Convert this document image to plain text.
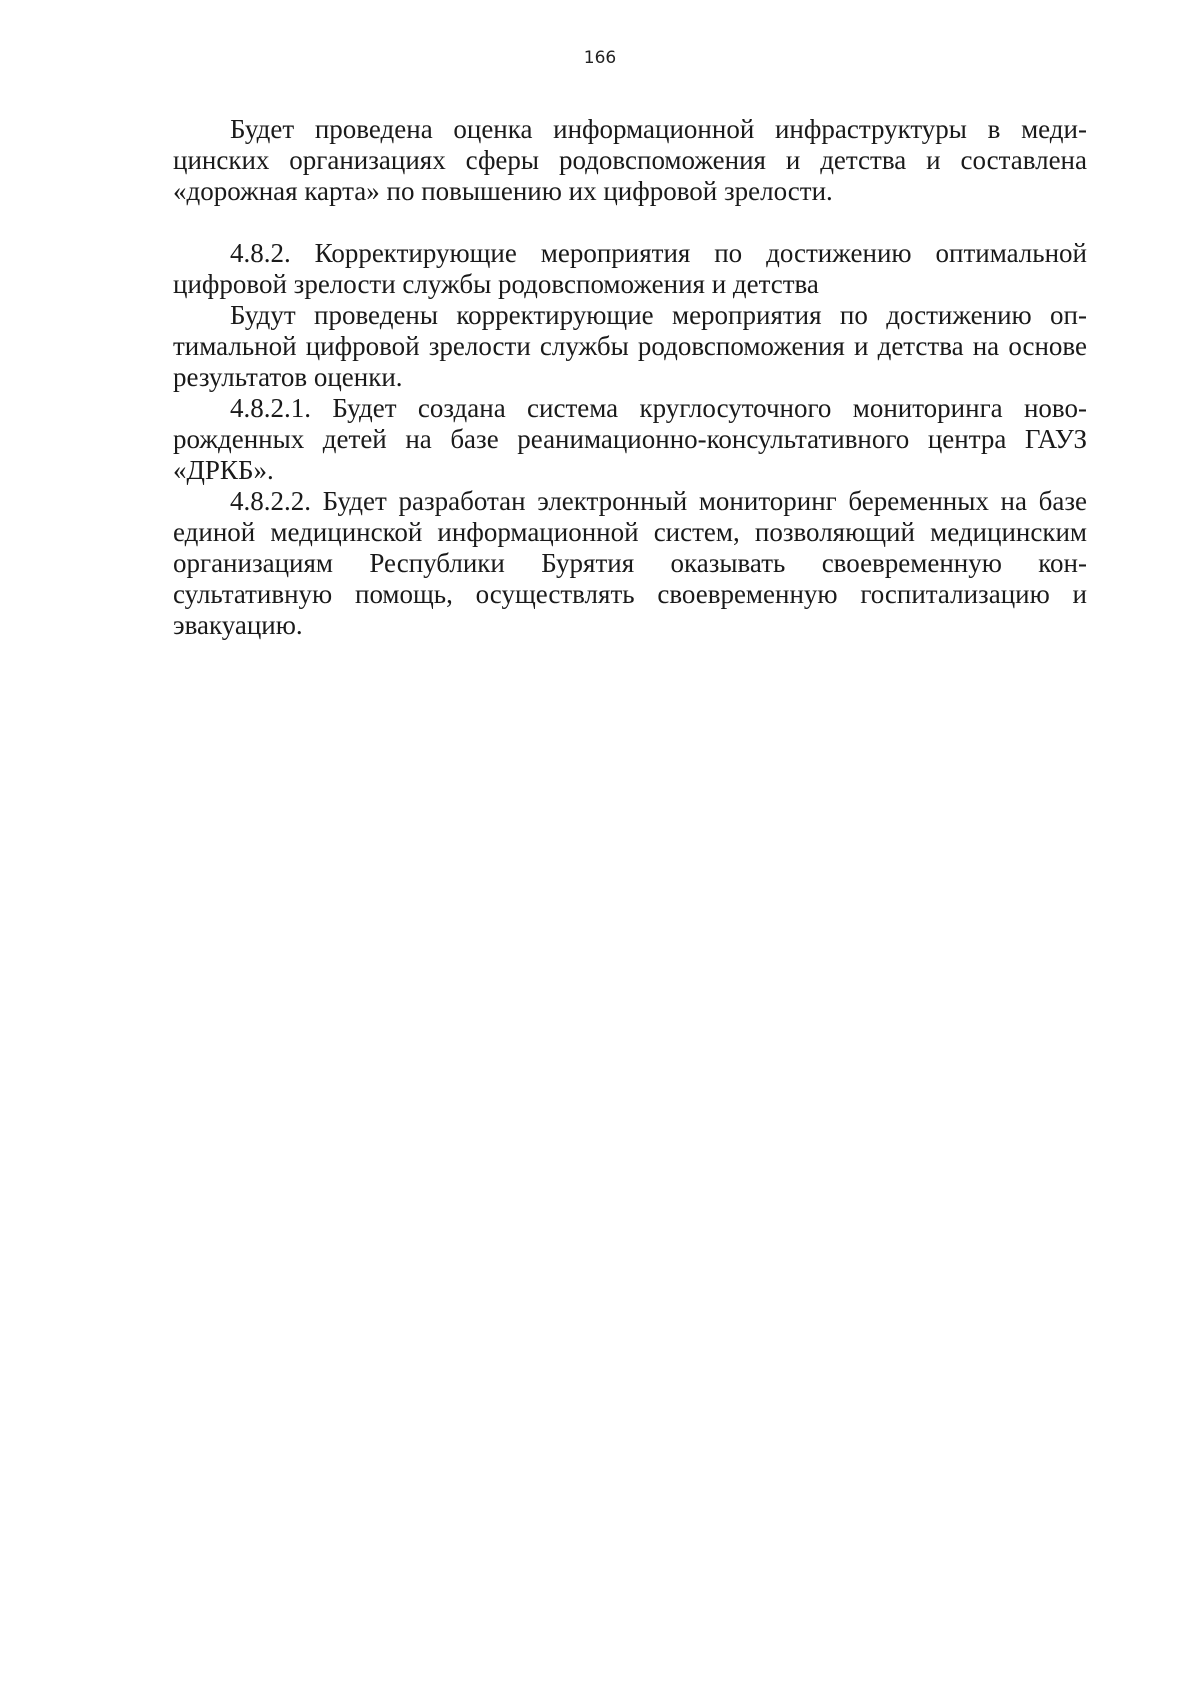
166

Будет проведена оценка информационной инфраструктуры в медицинских организациях сферы родовспоможения и детства и составлена «дорожная карта» по повышению их цифровой зрелости.

4.8.2. Корректирующие мероприятия по достижению оптимальной цифровой зрелости службы родовспоможения и детства

Будут проведены корректирующие мероприятия по достижению оптимальной цифровой зрелости службы родовспоможения и детства на основе результатов оценки.

4.8.2.1. Будет создана система круглосуточного мониторинга новорожденных детей на базе реанимационно-консультативного центра ГАУЗ «ДРКБ».

4.8.2.2. Будет разработан электронный мониторинг беременных на базе единой медицинской информационной систем, позволяющий медицинским организациям Республики Бурятия оказывать своевременную консультативную помощь, осуществлять своевременную госпитализацию и эвакуацию.
